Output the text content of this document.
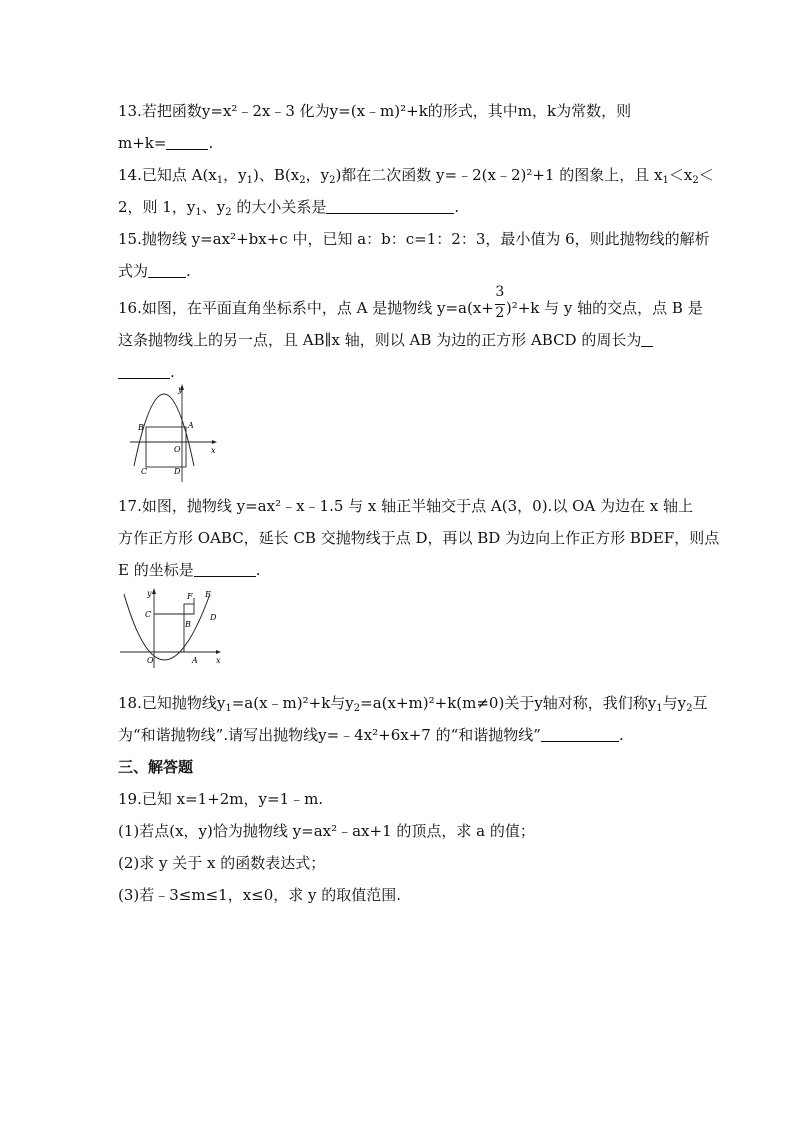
13.若把函数y=x²﹣2x﹣3 化为y=(x﹣m)²+k的形式，其中m，k为常数，则
m+k=	.
14.已知点 $A(x_1$，$y_1$)、$B(x_2$，$y_2$)都在二次函数 y=﹣2(x﹣2)²+1 的图象上，且 $x_1<x_2<$
2，则 1，$y_1$、$y_2$ 的大小关系是	.
15.抛物线 y=ax²+bx+c 中，已知 a：b：c=1：2：3，最小值为 6，则此抛物线的解析
式为	.
16.如图，在平面直角坐标系中，点 A 是抛物线 $y=a(x+ \frac{3}{2} )^2+k$ 与 y 轴的交点，点 B 是
这条抛物线上的另一点，且 AB∥x 轴，则以 AB 为边的正方形 ABCD 的周长为
.
y
B	A
O	x
C	D
17.如图，抛物线 y=ax²﹣x﹣1.5 与 x 轴正半轴交于点 A(3，0).以 OA 为边在 x 轴上
方作正方形 OABC，延长 CB 交抛物线于点 D，再以 BD 为边向上作正方形 BDEF，则点
E 的坐标是	.
y	F E
C	D
B
O	A x
18.已知抛物线$y_1=a(x﹣m)^2+k$与$y_2=a(x+m)^2+k(m\ne 0)$关于y轴对称，我们称$y_1$与$y_2$互
为“和谐抛物线”.请写出抛物线y=﹣4x²+6x+7 的“和谐抛物线”	.
三、解答题
19.已知 x=1+2m，y=1﹣m.
(1)若点(x，y)恰为抛物线 y=ax²﹣ax+1 的顶点，求 a 的值；
(2)求 y 关于 x 的函数表达式；
(3)若﹣3≤m≤1，x≤0，求 y 的取值范围.
